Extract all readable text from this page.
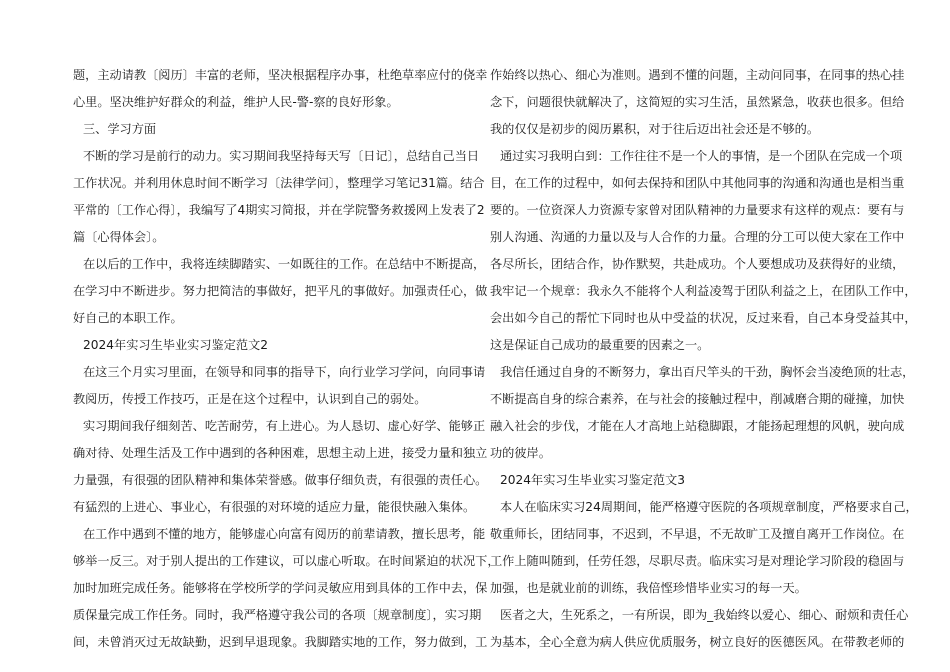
题，主动请教〔阅历〕丰富的老师，坚决根据程序办事，杜绝草率应付的侥幸
心里。坚决维护好群众的利益，维护人民-警-察的良好形象。
三、学习方面
不断的学习是前行的动力。实习期间我坚持每天写〔日记〕，总结自己当日
工作状况。并利用休息时间不断学习〔法律学问〕，整理学习笔记31篇。结合
平常的〔工作心得〕，我编写了4期实习简报，并在学院警务救援网上发表了2
篇〔心得体会〕。
在以后的工作中，我将连续脚踏实、一如既往的工作。在总结中不断提高，
在学习中不断进步。努力把简洁的事做好，把平凡的事做好。加强责任心，做
好自己的本职工作。
2024年实习生毕业实习鉴定范文2
在这三个月实习里面，在领导和同事的指导下，向行业学习学问，向同事请
教阅历，传授工作技巧，正是在这个过程中，认识到自己的弱处。
实习期间我仔细刻苦、吃苦耐劳，有上进心。为人恳切、虚心好学、能够正
确对待、处理生活及工作中遇到的各种困难，思想主动上进，接受力量和独立
力量强，有很强的团队精神和集体荣誉感。做事仔细负责，有很强的责任心。
有猛烈的上进心、事业心，有很强的对环境的适应力量，能很快融入集体。
在工作中遇到不懂的地方，能够虚心向富有阅历的前辈请教，擅长思考，能
够举一反三。对于别人提出的工作建议，可以虚心听取。在时间紧迫的状况下，
加时加班完成任务。能够将在学校所学的学问灵敏应用到具体的工作中去，保
质保量完成工作任务。同时，我严格遵守我公司的各项〔规章制度〕，实习期
间，未曾消灭过无故缺勤，迟到早退现象。我脚踏实地的工作，努力做到，工
作始终以热心、细心为准则。遇到不懂的问题，主动问同事，在同事的热心挂
念下，问题很快就解决了，这简短的实习生活，虽然紧急，收获也很多。但给
我的仅仅是初步的阅历累积，对于往后迈出社会还是不够的。
通过实习我明白到：工作往往不是一个人的事情，是一个团队在完成一个项
目，在工作的过程中，如何去保持和团队中其他同事的沟通和沟通也是相当重
要的。一位资深人力资源专家曾对团队精神的力量要求有这样的观点：要有与
别人沟通、沟通的力量以及与人合作的力量。合理的分工可以使大家在工作中
各尽所长，团结合作，协作默契，共赴成功。个人要想成功及获得好的业绩，
我牢记一个规章：我永久不能将个人利益凌驾于团队利益之上，在团队工作中，
会出如今自己的帮忙下同时也从中受益的状况，反过来看，自己本身受益其中，
这是保证自己成功的最重要的因素之一。
我信任通过自身的不断努力，拿出百尺竿头的干劲，胸怀会当凌绝顶的壮志，
不断提高自身的综合素养，在与社会的接触过程中，削减磨合期的碰撞，加快
融入社会的步伐，才能在人才高地上站稳脚跟，才能扬起理想的风帆，驶向成
功的彼岸。
2024年实习生毕业实习鉴定范文3
本人在临床实习24周期间，能严格遵守医院的各项规章制度，严格要求自己，
敬重师长，团结同事，不迟到，不早退，不无故旷工及擅自离开工作岗位。在
工作上随叫随到，任劳任怨，尽职尽责。临床实习是对理论学习阶段的稳固与
加强，也是就业前的训练，我倍悭珍惜毕业实习的每一天。
医者之大，生死系之，一有所误，即为_我始终以爱心、细心、耐烦和责任心
为基本，全心全意为病人供应优质服务，树立良好的医德医风。在带教老师的
